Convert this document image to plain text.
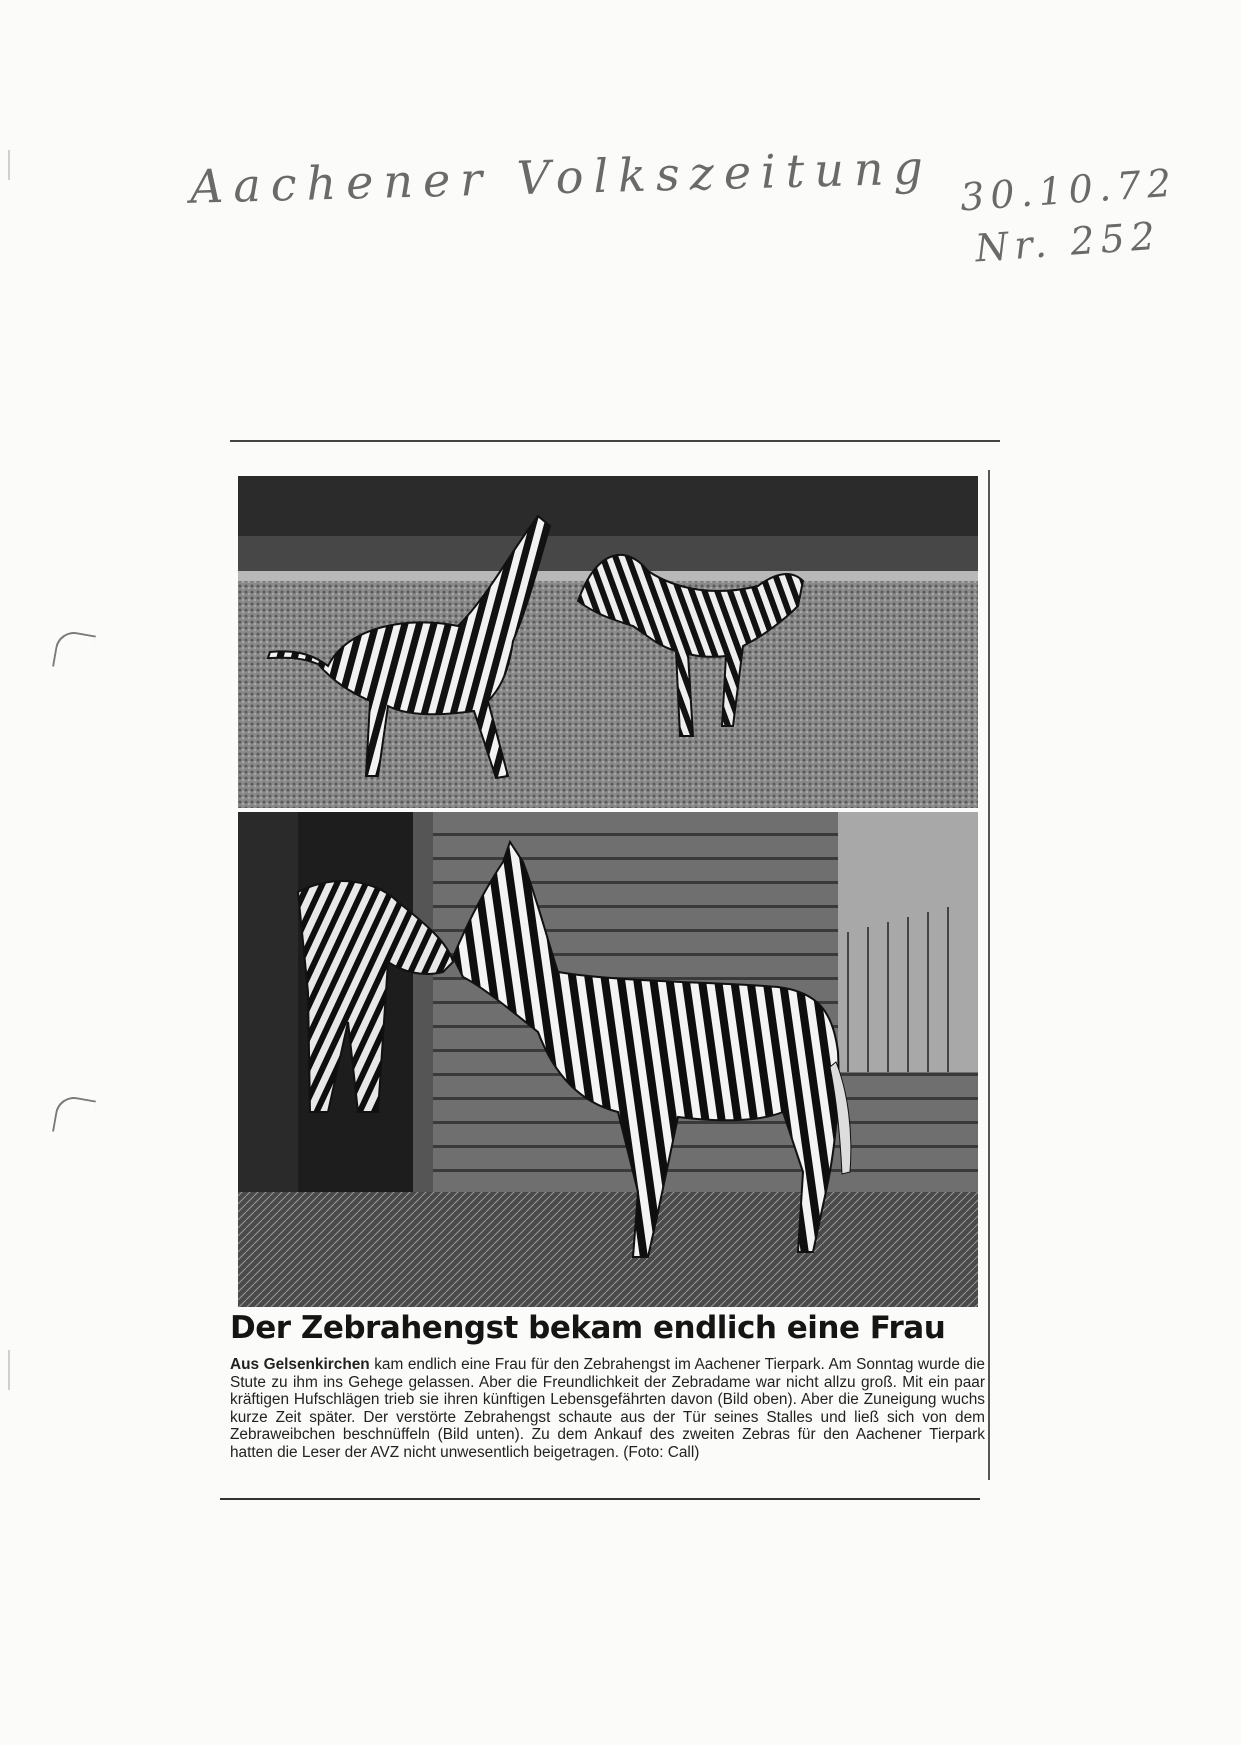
Aachener Volkszeitung 30.10.72
Nr. 252
Der Zebrahengst bekam endlich eine Frau

Aus Gelsenkirchen kam endlich eine Frau für den Zebrahengst im Aachener Tierpark. Am Sonntag wurde die Stute zu ihm ins Gehege gelassen. Aber die Freundlichkeit der Zebradame war nicht allzu groß. Mit ein paar kräftigen Hufschlägen trieb sie ihren künftigen Lebensgefährten davon (Bild oben). Aber die Zuneigung wuchs kurze Zeit später. Der verstörte Zebrahengst schaute aus der Tür seines Stalles und ließ sich von dem Zebraweibchen beschnüffeln (Bild unten). Zu dem Ankauf des zweiten Zebras für den Aachener Tierpark hatten die Leser der AVZ nicht unwesentlich beigetragen. (Foto: Call)
